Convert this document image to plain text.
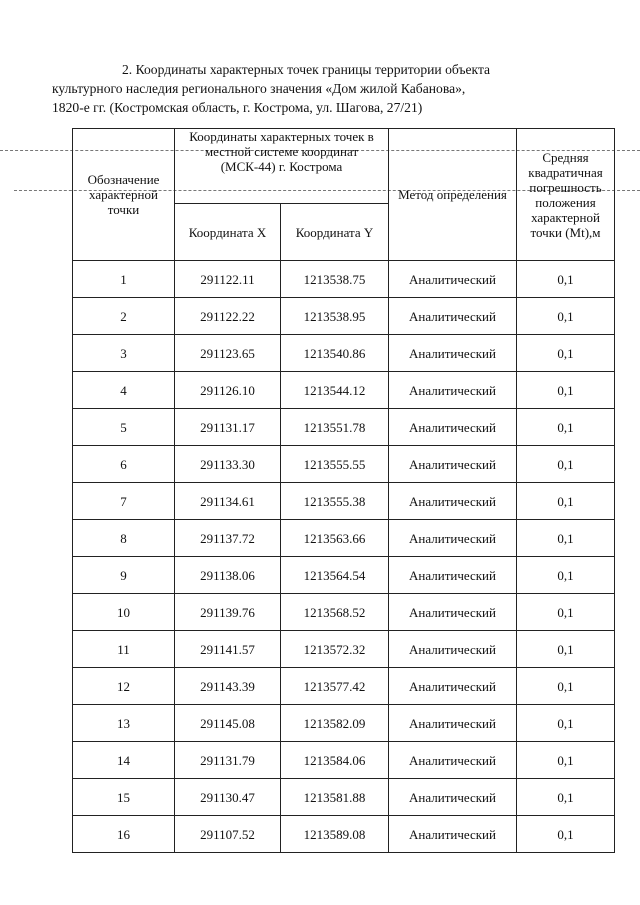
2. Координаты характерных точек границы территории объекта
культурного наследия регионального значения «Дом жилой Кабанова»,
1820-е гг. (Костромская область, г. Кострома, ул. Шагова, 27/21)
Обозначение характерной точки	Координаты характерных точек в местной системе координат (МСК-44) г. Кострома		Метод определения	Средняя квадратичная погрешность положения характерной точки (Mt),м
	Координата X	Координата Y		
1	291122.11	1213538.75	Аналитический	0,1
2	291122.22	1213538.95	Аналитический	0,1
3	291123.65	1213540.86	Аналитический	0,1
4	291126.10	1213544.12	Аналитический	0,1
5	291131.17	1213551.78	Аналитический	0,1
6	291133.30	1213555.55	Аналитический	0,1
7	291134.61	1213555.38	Аналитический	0,1
8	291137.72	1213563.66	Аналитический	0,1
9	291138.06	1213564.54	Аналитический	0,1
10	291139.76	1213568.52	Аналитический	0,1
11	291141.57	1213572.32	Аналитический	0,1
12	291143.39	1213577.42	Аналитический	0,1
13	291145.08	1213582.09	Аналитический	0,1
14	291131.79	1213584.06	Аналитический	0,1
15	291130.47	1213581.88	Аналитический	0,1
16	291107.52	1213589.08	Аналитический	0,1
